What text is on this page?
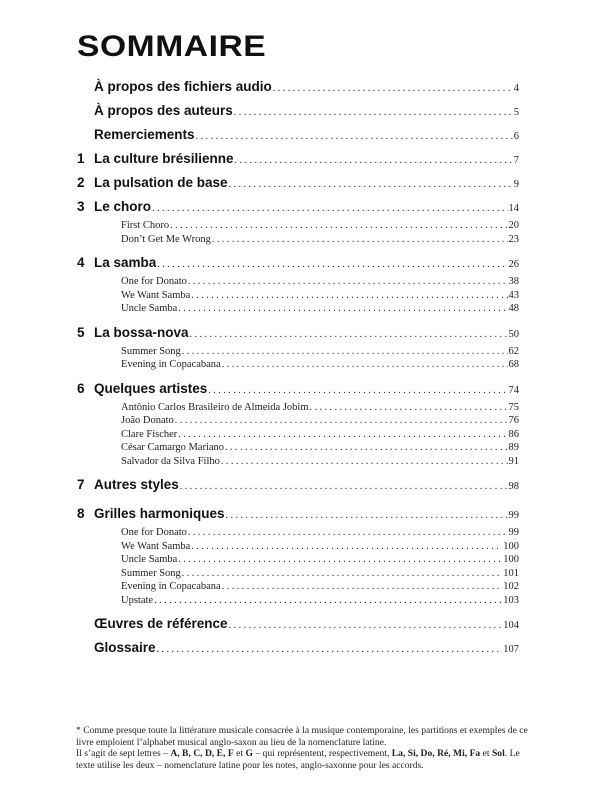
SOMMAIRE
À propos des fichiers audio . . .	4
À propos des auteurs . . .	5
Remerciements . . .	6
1 La culture brésilienne . . .	7
2 La pulsation de base . . .	9
3 Le choro . . .	14
First Choro . . .	20
Don’t Get Me Wrong . . .	23
4 La samba . . .	26
One for Donato . . .	38
We Want Samba . . .	43
Uncle Samba . . .	48
5 La bossa-nova . . .	50
Summer Song . . .	62
Evening in Copacabana . . .	68
6 Quelques artistes . . .	74
Antônio Carlos Brasileiro de Almeida Jobim . . .	75
João Donato . . .	76
Clare Fischer . . .	86
César Camargo Mariano . . .	89
Salvador da Silva Filho . . .	91
7 Autres styles . . .	98
8 Grilles harmoniques . . .	99
One for Donato . . .	99
We Want Samba . . .	100
Uncle Samba . . .	100
Summer Song . . .	101
Evening in Copacabana . . .	102
Upstate . . .	103
Œuvres de référence . . .	104
Glossaire . . .	107
* Comme presque toute la littérature musicale consacrée à la musique contemporaine, les partitions et exemples de ce livre emploient l’alphabet musical anglo-saxon au lieu de la nomenclature latine.
Il s’agit de sept lettres – A, B, C, D, E, F et G – qui représentent, respectivement, La, Si, Do, Ré, Mi, Fa et Sol. Le texte utilise les deux – nomenclature latine pour les notes, anglo-saxonne pour les accords.
